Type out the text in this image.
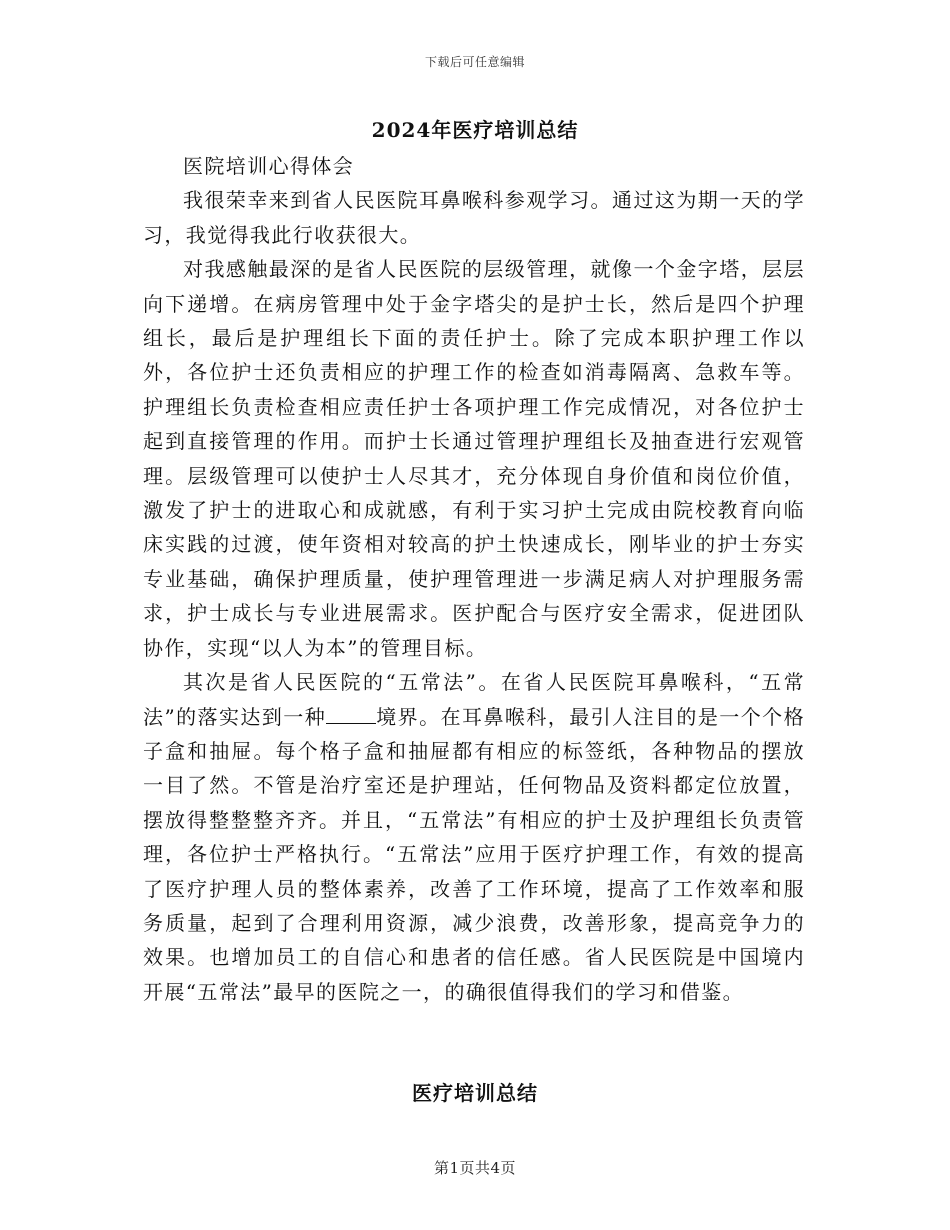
下载后可任意编辑
2024年医疗培训总结

医院培训心得体会

我很荣幸来到省人民医院耳鼻喉科参观学习。通过这为期一天的学习，我觉得我此行收获很大。

对我感触最深的是省人民医院的层级管理，就像一个金字塔，层层向下递增。在病房管理中处于金字塔尖的是护士长，然后是四个护理组长，最后是护理组长下面的责任护士。除了完成本职护理工作以外，各位护士还负责相应的护理工作的检查如消毒隔离、急救车等。护理组长负责检查相应责任护士各项护理工作完成情况，对各位护士起到直接管理的作用。而护士长通过管理护理组长及抽查进行宏观管理。层级管理可以使护士人尽其才，充分体现自身价值和岗位价值，激发了护士的进取心和成就感，有利于实习护土完成由院校教育向临床实践的过渡，使年资相对较高的护土快速成长，刚毕业的护士夯实专业基础，确保护理质量，使护理管理进一步满足病人对护理服务需求，护士成长与专业进展需求。医护配合与医疗安全需求，促进团队协作，实现“以人为本”的管理目标。

其次是省人民医院的“五常法”。在省人民医院耳鼻喉科，“五常法”的落实达到一种	境界。在耳鼻喉科，最引人注目的是一个个格子盒和抽屉。每个格子盒和抽屉都有相应的标签纸，各种物品的摆放一目了然。不管是治疗室还是护理站，任何物品及资料都定位放置，摆放得整整整齐齐。并且，“五常法”有相应的护士及护理组长负责管理，各位护士严格执行。“五常法”应用于医疗护理工作，有效的提高了医疗护理人员的整体素养，改善了工作环境，提高了工作效率和服务质量，起到了合理利用资源，减少浪费，改善形象，提高竞争力的效果。也增加员工的自信心和患者的信任感。省人民医院是中国境内开展“五常法”最早的医院之一，的确很值得我们的学习和借鉴。

医疗培训总结
第1页共4页
